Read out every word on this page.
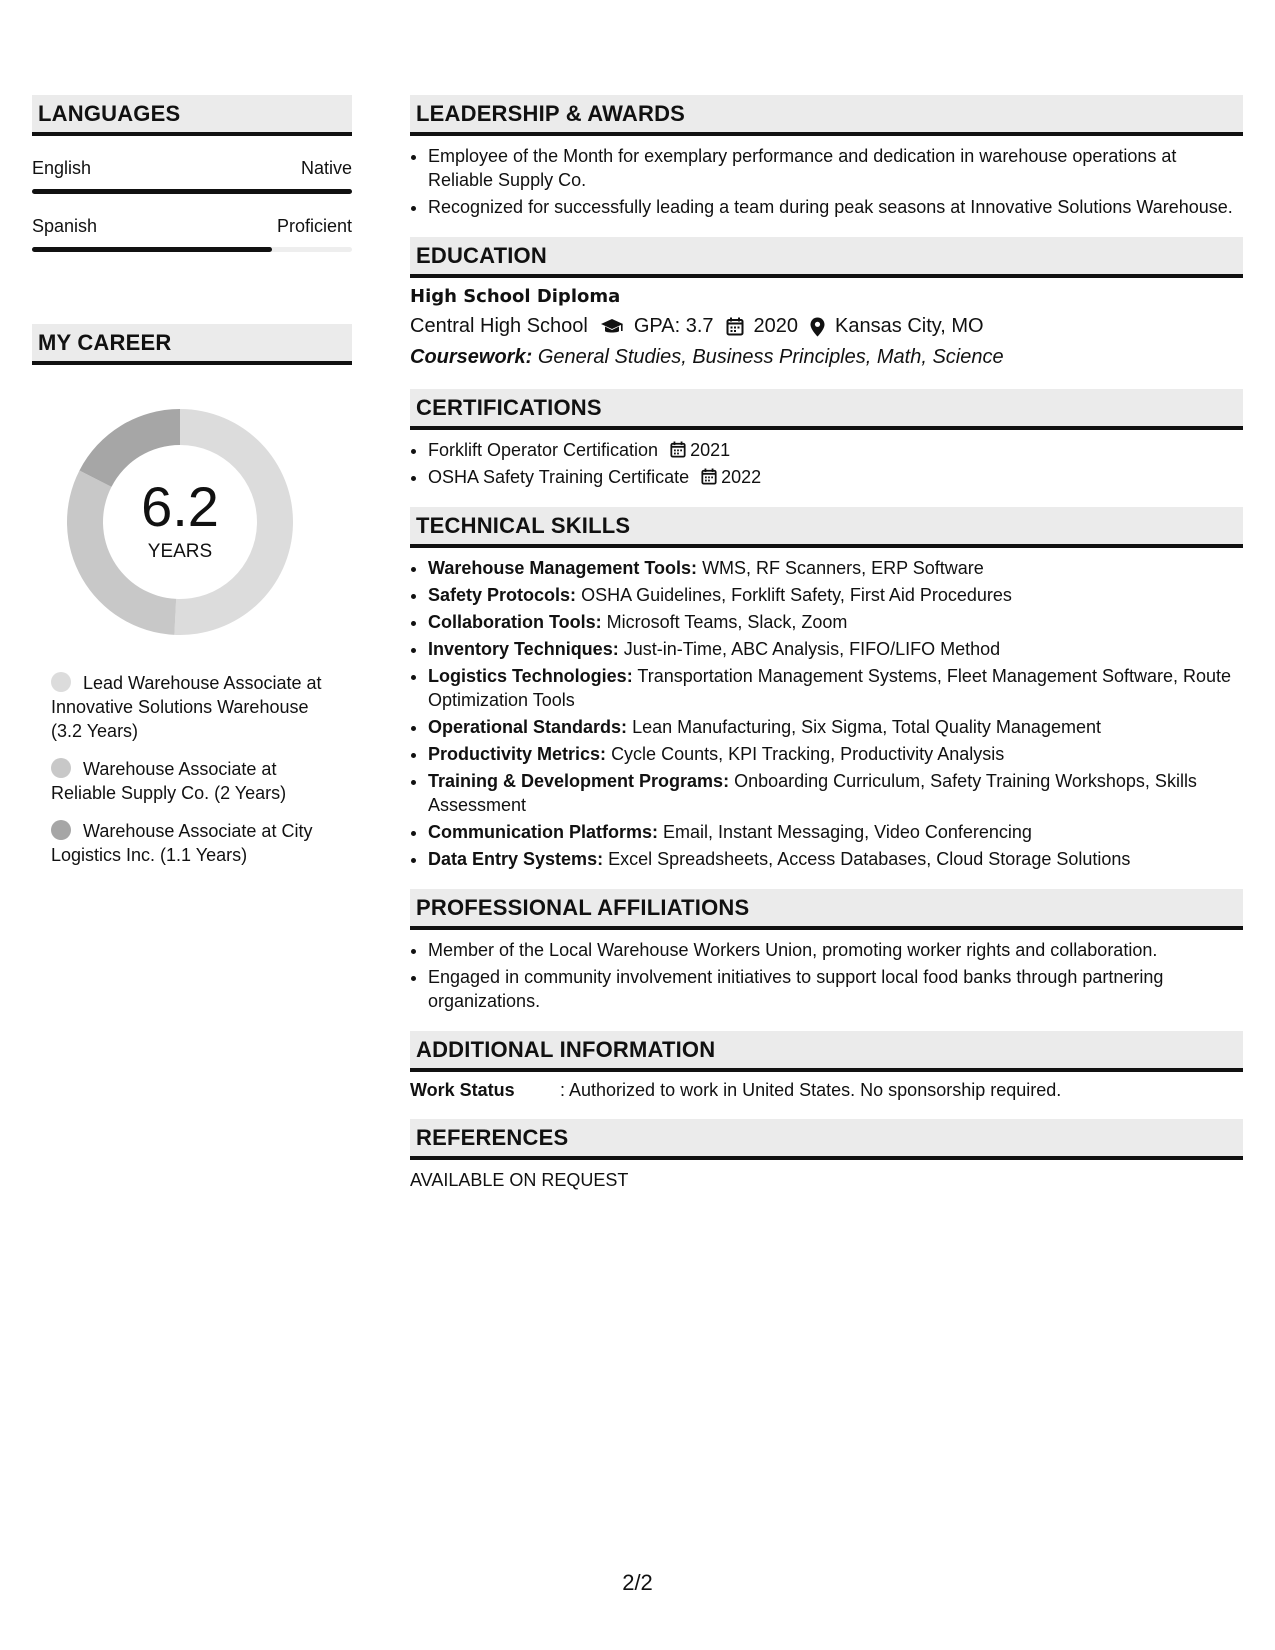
LANGUAGES
English	Native
Spanish	Proficient
MY CAREER
6.2
YEARS
Lead Warehouse Associate at Innovative Solutions Warehouse (3.2 Years)
Warehouse Associate at Reliable Supply Co. (2 Years)
Warehouse Associate at City Logistics Inc. (1.1 Years)
LEADERSHIP & AWARDS
• Employee of the Month for exemplary performance and dedication in warehouse operations at Reliable Supply Co.
• Recognized for successfully leading a team during peak seasons at Innovative Solutions Warehouse.
EDUCATION
High School Diploma
Central High School GPA: 3.7 2020 Kansas City, MO
Coursework: General Studies, Business Principles, Math, Science
CERTIFICATIONS
• Forklift Operator Certification 2021
• OSHA Safety Training Certificate 2022
TECHNICAL SKILLS
• Warehouse Management Tools: WMS, RF Scanners, ERP Software
• Safety Protocols: OSHA Guidelines, Forklift Safety, First Aid Procedures
• Collaboration Tools: Microsoft Teams, Slack, Zoom
• Inventory Techniques: Just-in-Time, ABC Analysis, FIFO/LIFO Method
• Logistics Technologies: Transportation Management Systems, Fleet Management Software, Route Optimization Tools
• Operational Standards: Lean Manufacturing, Six Sigma, Total Quality Management
• Productivity Metrics: Cycle Counts, KPI Tracking, Productivity Analysis
• Training & Development Programs: Onboarding Curriculum, Safety Training Workshops, Skills Assessment
• Communication Platforms: Email, Instant Messaging, Video Conferencing
• Data Entry Systems: Excel Spreadsheets, Access Databases, Cloud Storage Solutions
PROFESSIONAL AFFILIATIONS
• Member of the Local Warehouse Workers Union, promoting worker rights and collaboration.
• Engaged in community involvement initiatives to support local food banks through partnering organizations.
ADDITIONAL INFORMATION
Work Status	: Authorized to work in United States. No sponsorship required.
REFERENCES
AVAILABLE ON REQUEST
2/2
